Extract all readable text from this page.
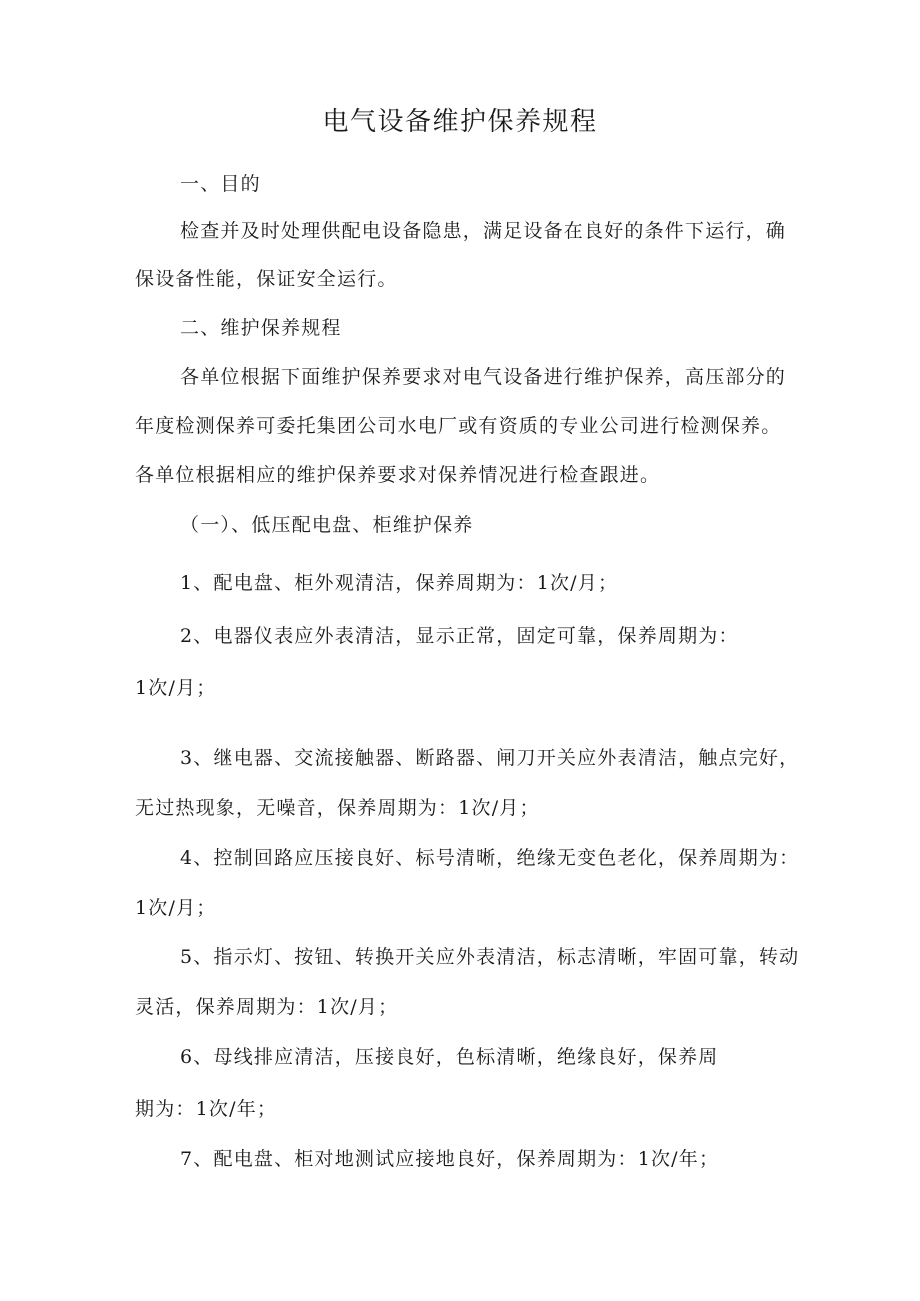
电气设备维护保养规程
一、目的
检查并及时处理供配电设备隐患，满足设备在良好的条件下运行，确
保设备性能，保证安全运行。
二、维护保养规程
各单位根据下面维护保养要求对电气设备进行维护保养，高压部分的
年度检测保养可委托集团公司水电厂或有资质的专业公司进行检测保养。
各单位根据相应的维护保养要求对保养情况进行检查跟进。
（一）、低压配电盘、柜维护保养
1、配电盘、柜外观清洁，保养周期为：1次/月；
2、电器仪表应外表清洁，显示正常，固定可靠，保养周期为：
1次/月；
3、继电器、交流接触器、断路器、闸刀开关应外表清洁，触点完好，
无过热现象，无噪音，保养周期为：1次/月；
4、控制回路应压接良好、标号清晰，绝缘无变色老化，保养周期为：
1次/月；
5、指示灯、按钮、转换开关应外表清洁，标志清晰，牢固可靠，转动
灵活，保养周期为：1次/月；
6、母线排应清洁，压接良好，色标清晰，绝缘良好，保养周
期为：1次/年；
7、配电盘、柜对地测试应接地良好，保养周期为：1次/年；
